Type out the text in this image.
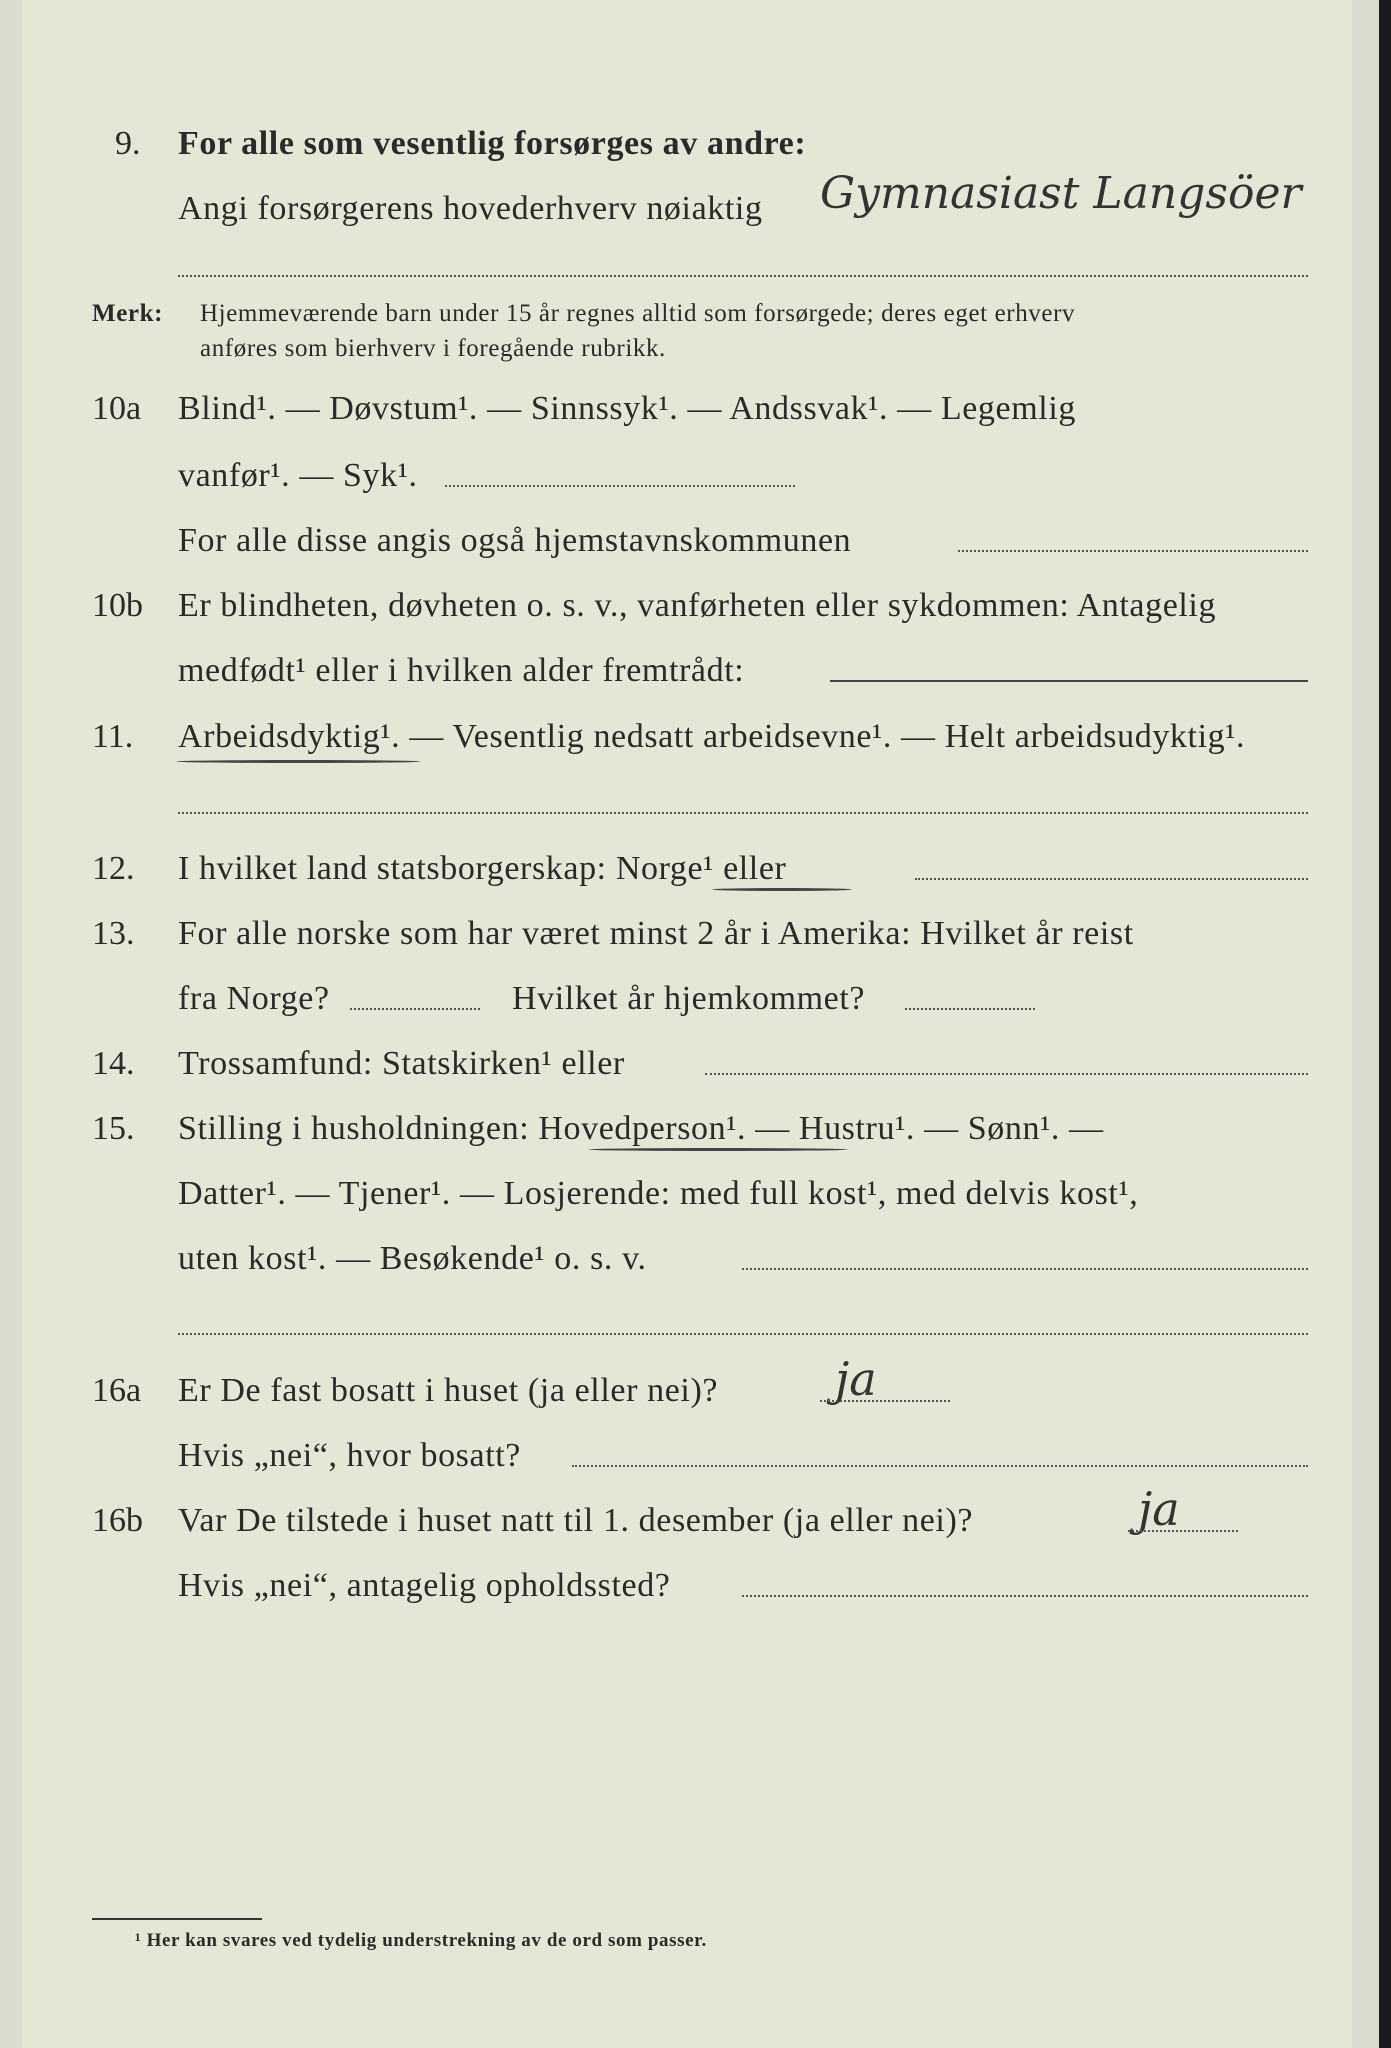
9. For alle som vesentlig forsørges av andre:
Angi forsørgerens hovederhverv nøiaktig Gymnasiast Langsöer
Merk: Hjemmeværende barn under 15 år regnes alltid som forsørgede; deres eget erhverv
anføres som bierhverv i foregående rubrikk.
10a Blind¹. — Døvstum¹. — Sinnssyk¹. — Andssvak¹. — Legemlig
vanfør¹. — Syk¹.
For alle disse angis også hjemstavnskommunen
10b Er blindheten, døvheten o. s. v., vanførheten eller sykdommen: Antagelig
medfødt¹ eller i hvilken alder fremtrådt:
11. Arbeidsdyktig¹. — Vesentlig nedsatt arbeidsevne¹. — Helt arbeidsudyktig¹.
12. I hvilket land statsborgerskap: Norge¹ eller
13. For alle norske som har været minst 2 år i Amerika: Hvilket år reist
fra Norge?	Hvilket år hjemkommet?
14. Trossamfund: Statskirken¹ eller
15. Stilling i husholdningen: Hovedperson¹. — Hustru¹. — Sønn¹. —
Datter¹. — Tjener¹. — Losjerende: med full kost¹, med delvis kost¹,
uten kost¹. — Besøkende¹ o. s. v.
16a Er De fast bosatt i huset (ja eller nei)?	ja
Hvis „nei“, hvor bosatt?
16b Var De tilstede i huset natt til 1. desember (ja eller nei)?	ja
Hvis „nei“, antagelig opholdssted?
¹ Her kan svares ved tydelig understrekning av de ord som passer.
